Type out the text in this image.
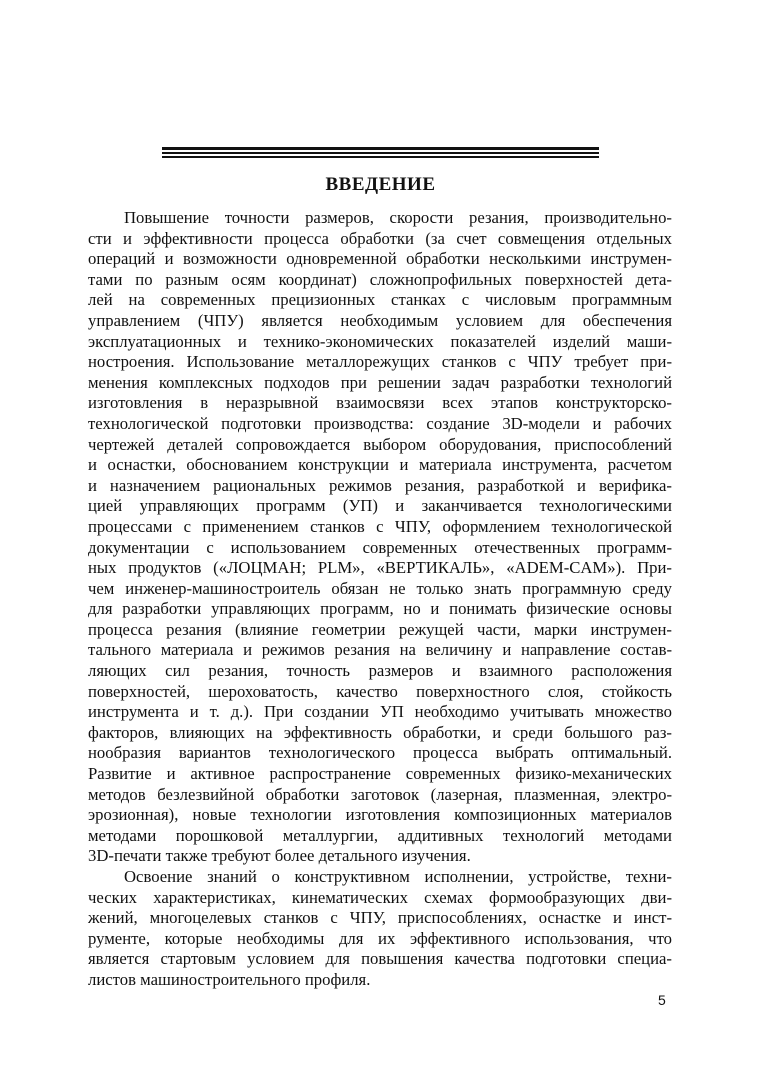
ВВЕДЕНИЕ
Повышение точности размеров, скорости резания, производительно-
сти и эффективности процесса обработки (за счет совмещения отдельных
операций и возможности одновременной обработки несколькими инструмен-
тами по разным осям координат) сложнопрофильных поверхностей дета-
лей на современных прецизионных станках с числовым программным
управлением (ЧПУ) является необходимым условием для обеспечения
эксплуатационных и технико-экономических показателей изделий маши-
ностроения. Использование металлорежущих станков с ЧПУ требует при-
менения комплексных подходов при решении задач разработки технологий
изготовления в неразрывной взаимосвязи всех этапов конструкторско-
технологической подготовки производства: создание 3D-модели и рабочих
чертежей деталей сопровождается выбором оборудования, приспособлений
и оснастки, обоснованием конструкции и материала инструмента, расчетом
и назначением рациональных режимов резания, разработкой и верифика-
цией управляющих программ (УП) и заканчивается технологическими
процессами с применением станков с ЧПУ, оформлением технологической
документации с использованием современных отечественных программ-
ных продуктов («ЛОЦМАН; PLM», «ВЕРТИКАЛЬ», «ADEM-CAM»). При-
чем инженер-машиностроитель обязан не только знать программную среду
для разработки управляющих программ, но и понимать физические основы
процесса резания (влияние геометрии режущей части, марки инструмен-
тального материала и режимов резания на величину и направление состав-
ляющих сил резания, точность размеров и взаимного расположения
поверхностей, шероховатость, качество поверхностного слоя, стойкость
инструмента и т. д.). При создании УП необходимо учитывать множество
факторов, влияющих на эффективность обработки, и среди большого раз-
нообразия вариантов технологического процесса выбрать оптимальный.
Развитие и активное распространение современных физико-механических
методов безлезвийной обработки заготовок (лазерная, плазменная, электро-
эрозионная), новые технологии изготовления композиционных материалов
методами порошковой металлургии, аддитивных технологий методами
3D-печати также требуют более детального изучения.
Освоение знаний о конструктивном исполнении, устройстве, техни-
ческих характеристиках, кинематических схемах формообразующих дви-
жений, многоцелевых станков с ЧПУ, приспособлениях, оснастке и инст-
рументе, которые необходимы для их эффективного использования, что
является стартовым условием для повышения качества подготовки специа-
листов машиностроительного профиля.
5
